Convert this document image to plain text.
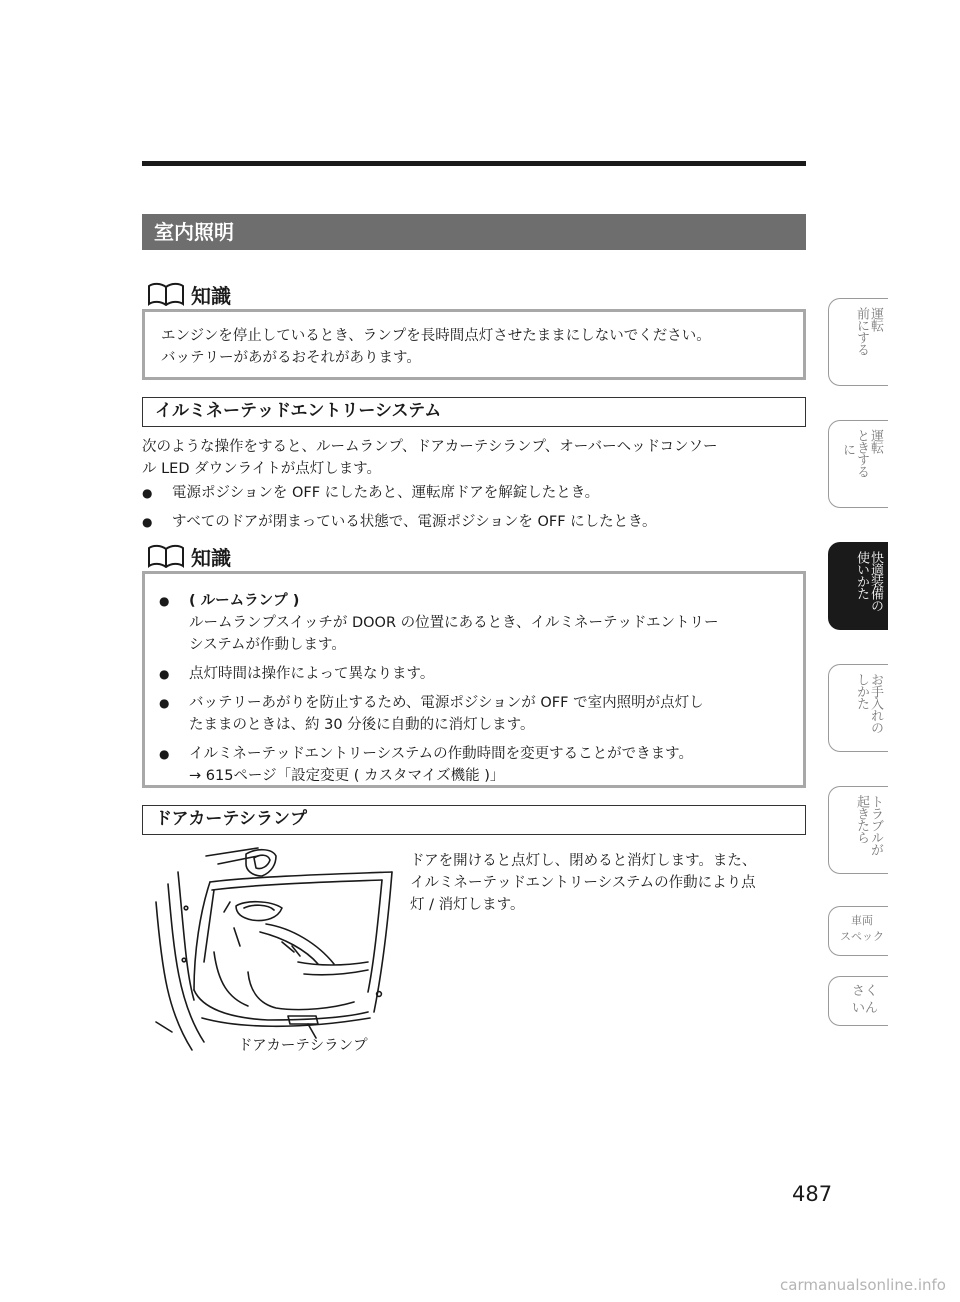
室内照明
知識
エンジンを停止しているとき、ランプを長時間点灯させたままにしないでください。
バッテリーがあがるおそれがあります。
イルミネーテッドエントリーシステム
次のような操作をすると、ルームランプ、ドアカーテシランプ、オーバーヘッドコンソー
ル LED ダウンライトが点灯します。
● 電源ポジションを OFF にしたあと、運転席ドアを解錠したとき。
● すべてのドアが閉まっている状態で、電源ポジションを OFF にしたとき。
知識
● ( ルームランプ )
ルームランプスイッチが DOOR の位置にあるとき、イルミネーテッドエントリー
システムが作動します。
● 点灯時間は操作によって異なります。
● バッテリーあがりを防止するため、電源ポジションが OFF で室内照明が点灯し
たままのときは、約 30 分後に自動的に消灯します。
● イルミネーテッドエントリーシステムの作動時間を変更することができます。
→ 615ページ「設定変更 ( カスタマイズ機能 )」
ドアカーテシランプ
ドアを開けると点灯し、閉めると消灯します。また、
イルミネーテッドエントリーシステムの作動により点
灯 / 消灯します。
ドアカーテシランプ
運転
前にする
運転
ときする
に
快適装備の
使いかた
お手入れの
しかた
トラブルが
起きたら
車両
スペック
さく
いん
487
carmanualsonline.info
